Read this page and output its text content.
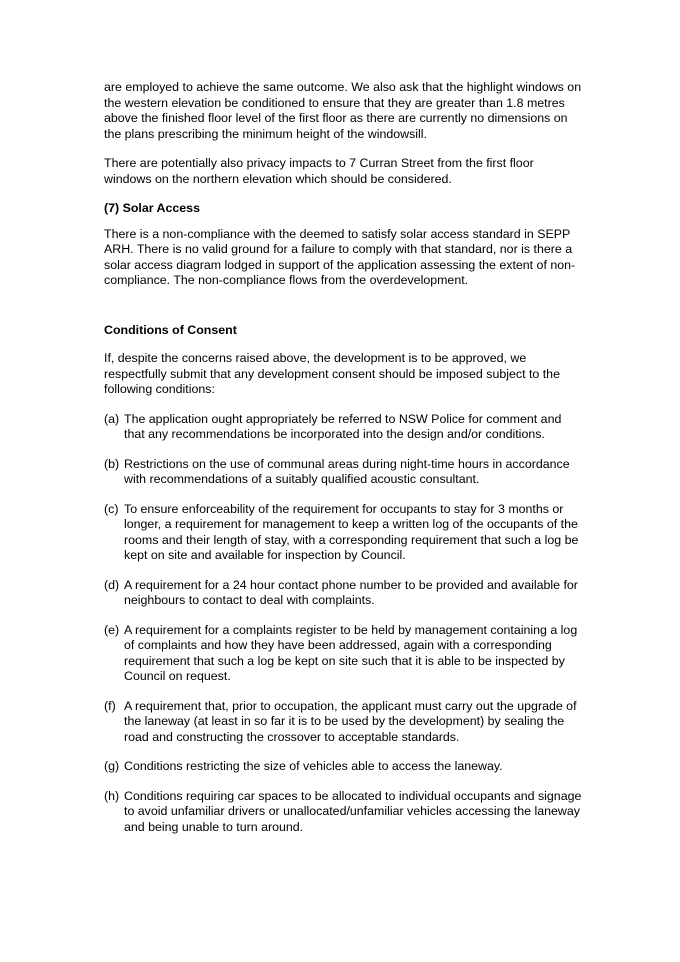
are employed to achieve the same outcome. We also ask that the highlight windows on the western elevation be conditioned to ensure that they are greater than 1.8 metres above the finished floor level of the first floor as there are currently no dimensions on the plans prescribing the minimum height of the windowsill.

There are potentially also privacy impacts to 7 Curran Street from the first floor windows on the northern elevation which should be considered.

(7) Solar Access

There is a non-compliance with the deemed to satisfy solar access standard in SEPP ARH. There is no valid ground for a failure to comply with that standard, nor is there a solar access diagram lodged in support of the application assessing the extent of non-compliance. The non-compliance flows from the overdevelopment.

Conditions of Consent

If, despite the concerns raised above, the development is to be approved, we respectfully submit that any development consent should be imposed subject to the following conditions:

(a) The application ought appropriately be referred to NSW Police for comment and that any recommendations be incorporated into the design and/or conditions.
(b) Restrictions on the use of communal areas during night-time hours in accordance with recommendations of a suitably qualified acoustic consultant.
(c) To ensure enforceability of the requirement for occupants to stay for 3 months or longer, a requirement for management to keep a written log of the occupants of the rooms and their length of stay, with a corresponding requirement that such a log be kept on site and available for inspection by Council.
(d) A requirement for a 24 hour contact phone number to be provided and available for neighbours to contact to deal with complaints.
(e) A requirement for a complaints register to be held by management containing a log of complaints and how they have been addressed, again with a corresponding requirement that such a log be kept on site such that it is able to be inspected by Council on request.
(f) A requirement that, prior to occupation, the applicant must carry out the upgrade of the laneway (at least in so far it is to be used by the development) by sealing the road and constructing the crossover to acceptable standards.
(g) Conditions restricting the size of vehicles able to access the laneway.
(h) Conditions requiring car spaces to be allocated to individual occupants and signage to avoid unfamiliar drivers or unallocated/unfamiliar vehicles accessing the laneway and being unable to turn around.
